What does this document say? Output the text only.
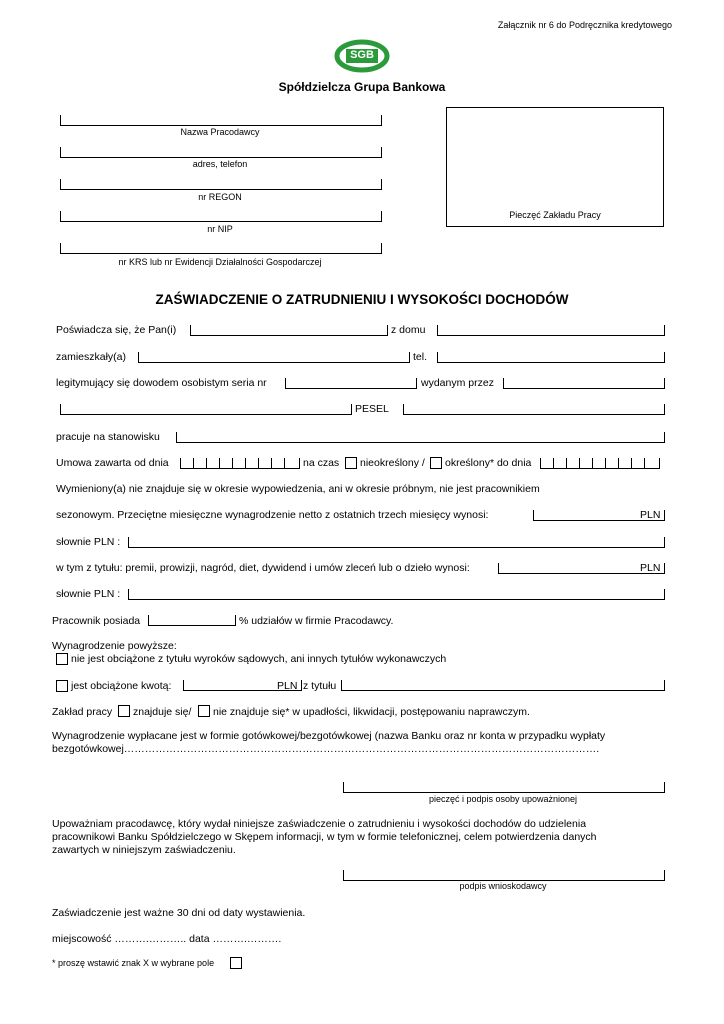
Załącznik nr 6 do Podręcznika kredytowego
SGB
Spółdzielcza Grupa Bankowa
Nazwa Pracodawcy
adres, telefon
nr REGON
nr NIP
nr KRS lub nr Ewidencji Działalności Gospodarczej
Pieczęć Zakładu Pracy
ZAŚWIADCZENIE O ZATRUDNIENIU I WYSOKOŚCI DOCHODÓW
Poświadcza się, że Pan(i)	z domu
zamieszkały(a)	tel.
legitymujący się dowodem osobistym seria nr	wydanym przez
PESEL
pracuje na stanowisku
Umowa zawarta od dnia	na czas nieokreślony / określony* do dnia
Wymieniony(a) nie znajduje się w okresie wypowiedzenia, ani w okresie próbnym, nie jest pracownikiem
sezonowym. Przeciętne miesięczne wynagrodzenie netto z ostatnich trzech miesięcy wynosi:	PLN
słownie PLN :
w tym z tytułu: premii, prowizji, nagród, diet, dywidend i umów zleceń lub o dzieło wynosi:	PLN
słownie PLN :
Pracownik posiada	% udziałów w firmie Pracodawcy.
Wynagrodzenie powyższe:
nie jest obciążone z tytułu wyroków sądowych, ani innych tytułów wykonawczych
jest obciążone kwotą:	PLN z tytułu
Zakład pracy znajduje się/ nie znajduje się* w upadłości, likwidacji, postępowaniu naprawczym.
Wynagrodzenie wypłacane jest w formie gotówkowej/bezgotówkowej (nazwa Banku oraz nr konta w przypadku wypłaty
bezgotówkowej……………………………………………………………………………………………………………………….
pieczęć i podpis osoby upoważnionej
Upoważniam pracodawcę, który wydał niniejsze zaświadczenie o zatrudnieniu i wysokości dochodów do udzielenia
pracownikowi Banku Spółdzielczego w Skępem informacji, w tym w formie telefonicznej, celem potwierdzenia danych
zawartych w niniejszym zaświadczeniu.
podpis wnioskodawcy
Zaświadczenie jest ważne 30 dni od daty wystawienia.
miejscowość ……….……….. data ……….……….
* proszę wstawić znak X w wybrane pole
